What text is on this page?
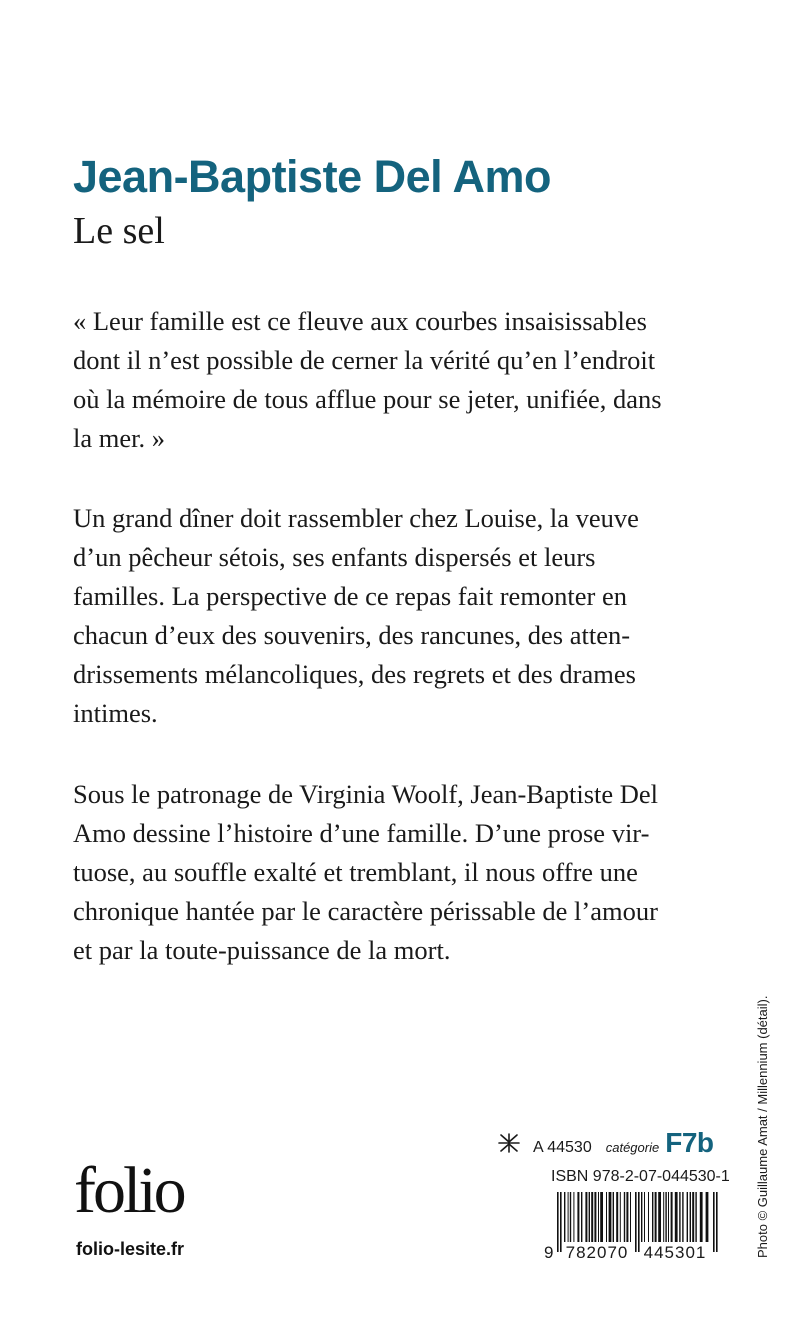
Jean-Baptiste Del Amo
Le sel
« Leur famille est ce fleuve aux courbes insaisissables
dont il n’est possible de cerner la vérité qu’en l’endroit
où la mémoire de tous afflue pour se jeter, unifiée, dans
la mer. »
Un grand dîner doit rassembler chez Louise, la veuve
d’un pêcheur sétois, ses enfants dispersés et leurs
familles. La perspective de ce repas fait remonter en
chacun d’eux des souvenirs, des rancunes, des atten-
drissements mélancoliques, des regrets et des drames
intimes.
Sous le patronage de Virginia Woolf, Jean-Baptiste Del
Amo dessine l’histoire d’une famille. D’une prose vir-
tuose, au souffle exalté et tremblant, il nous offre une
chronique hantée par le caractère périssable de l’amour
et par la toute-puissance de la mort.
Photo © Guillaume Amat / Millennium (détail).
A 44530 catégorie F7b
ISBN 978-2-07-044530-1
9 782070 445301
folio
folio-lesite.fr
